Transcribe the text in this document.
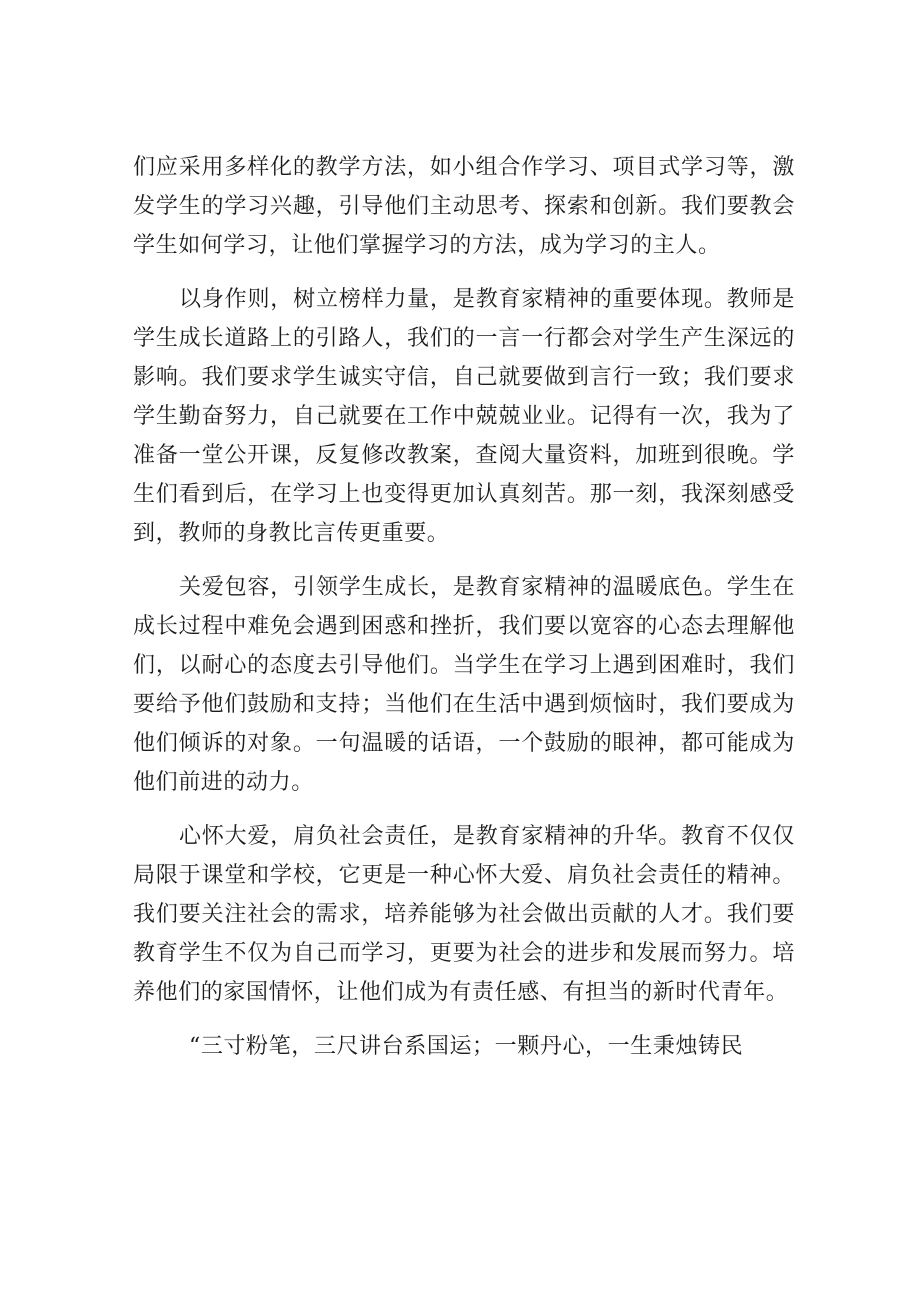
们应采用多样化的教学方法，如小组合作学习、项目式学习等，激发学生的学习兴趣，引导他们主动思考、探索和创新。我们要教会学生如何学习，让他们掌握学习的方法，成为学习的主人。

以身作则，树立榜样力量，是教育家精神的重要体现。教师是学生成长道路上的引路人，我们的一言一行都会对学生产生深远的影响。我们要求学生诚实守信，自己就要做到言行一致；我们要求学生勤奋努力，自己就要在工作中兢兢业业。记得有一次，我为了准备一堂公开课，反复修改教案，查阅大量资料，加班到很晚。学生们看到后，在学习上也变得更加认真刻苦。那一刻，我深刻感受到，教师的身教比言传更重要。

关爱包容，引领学生成长，是教育家精神的温暖底色。学生在成长过程中难免会遇到困惑和挫折，我们要以宽容的心态去理解他们，以耐心的态度去引导他们。当学生在学习上遇到困难时，我们要给予他们鼓励和支持；当他们在生活中遇到烦恼时，我们要成为他们倾诉的对象。一句温暖的话语，一个鼓励的眼神，都可能成为他们前进的动力。

心怀大爱，肩负社会责任，是教育家精神的升华。教育不仅仅局限于课堂和学校，它更是一种心怀大爱、肩负社会责任的精神。我们要关注社会的需求，培养能够为社会做出贡献的人才。我们要教育学生不仅为自己而学习，更要为社会的进步和发展而努力。培养他们的家国情怀，让他们成为有责任感、有担当的新时代青年。

“三寸粉笔，三尺讲台系国运；一颗丹心，一生秉烛铸民
